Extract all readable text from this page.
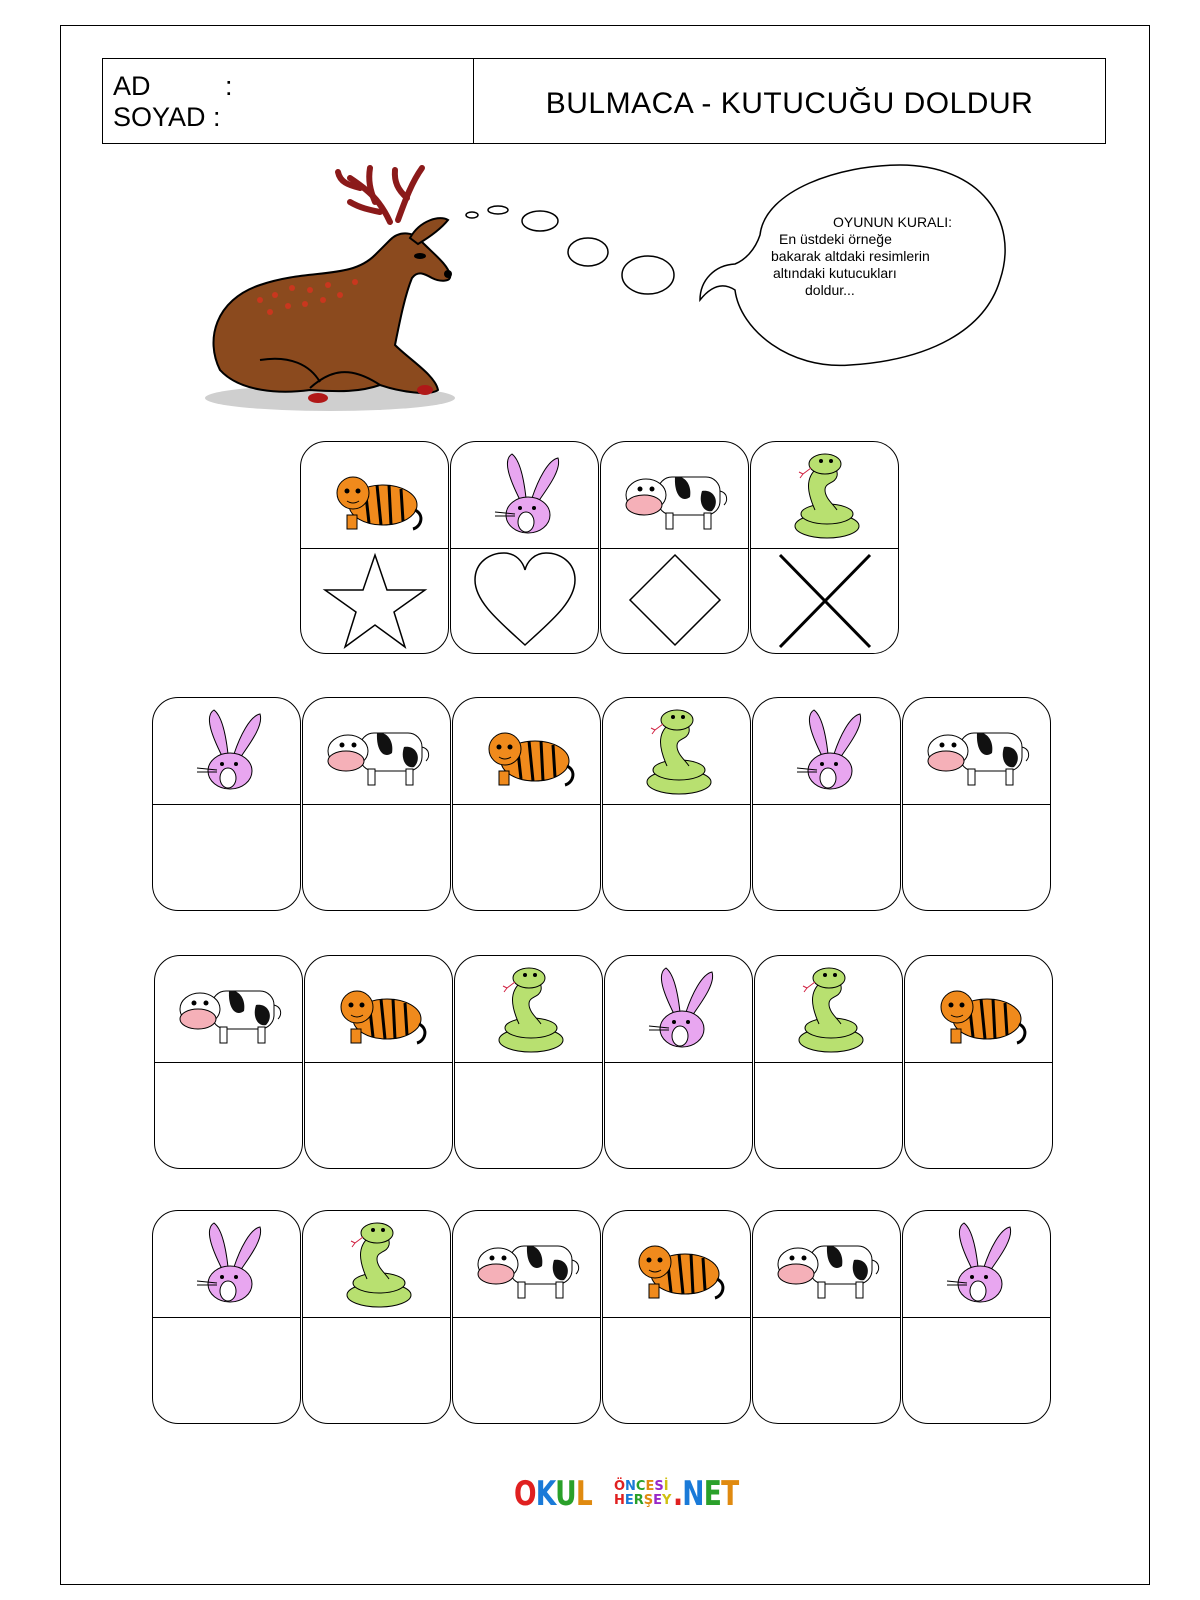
AD	:
SOYAD :	BULMACA - KUTUCUĞU DOLDUR
OYUNUN KURALI:
En üstdeki örneğe
bakarak altdaki resimlerin
altındaki kutucukları
doldur...
OKUL ÖNCESİ
HERŞEY .NET
